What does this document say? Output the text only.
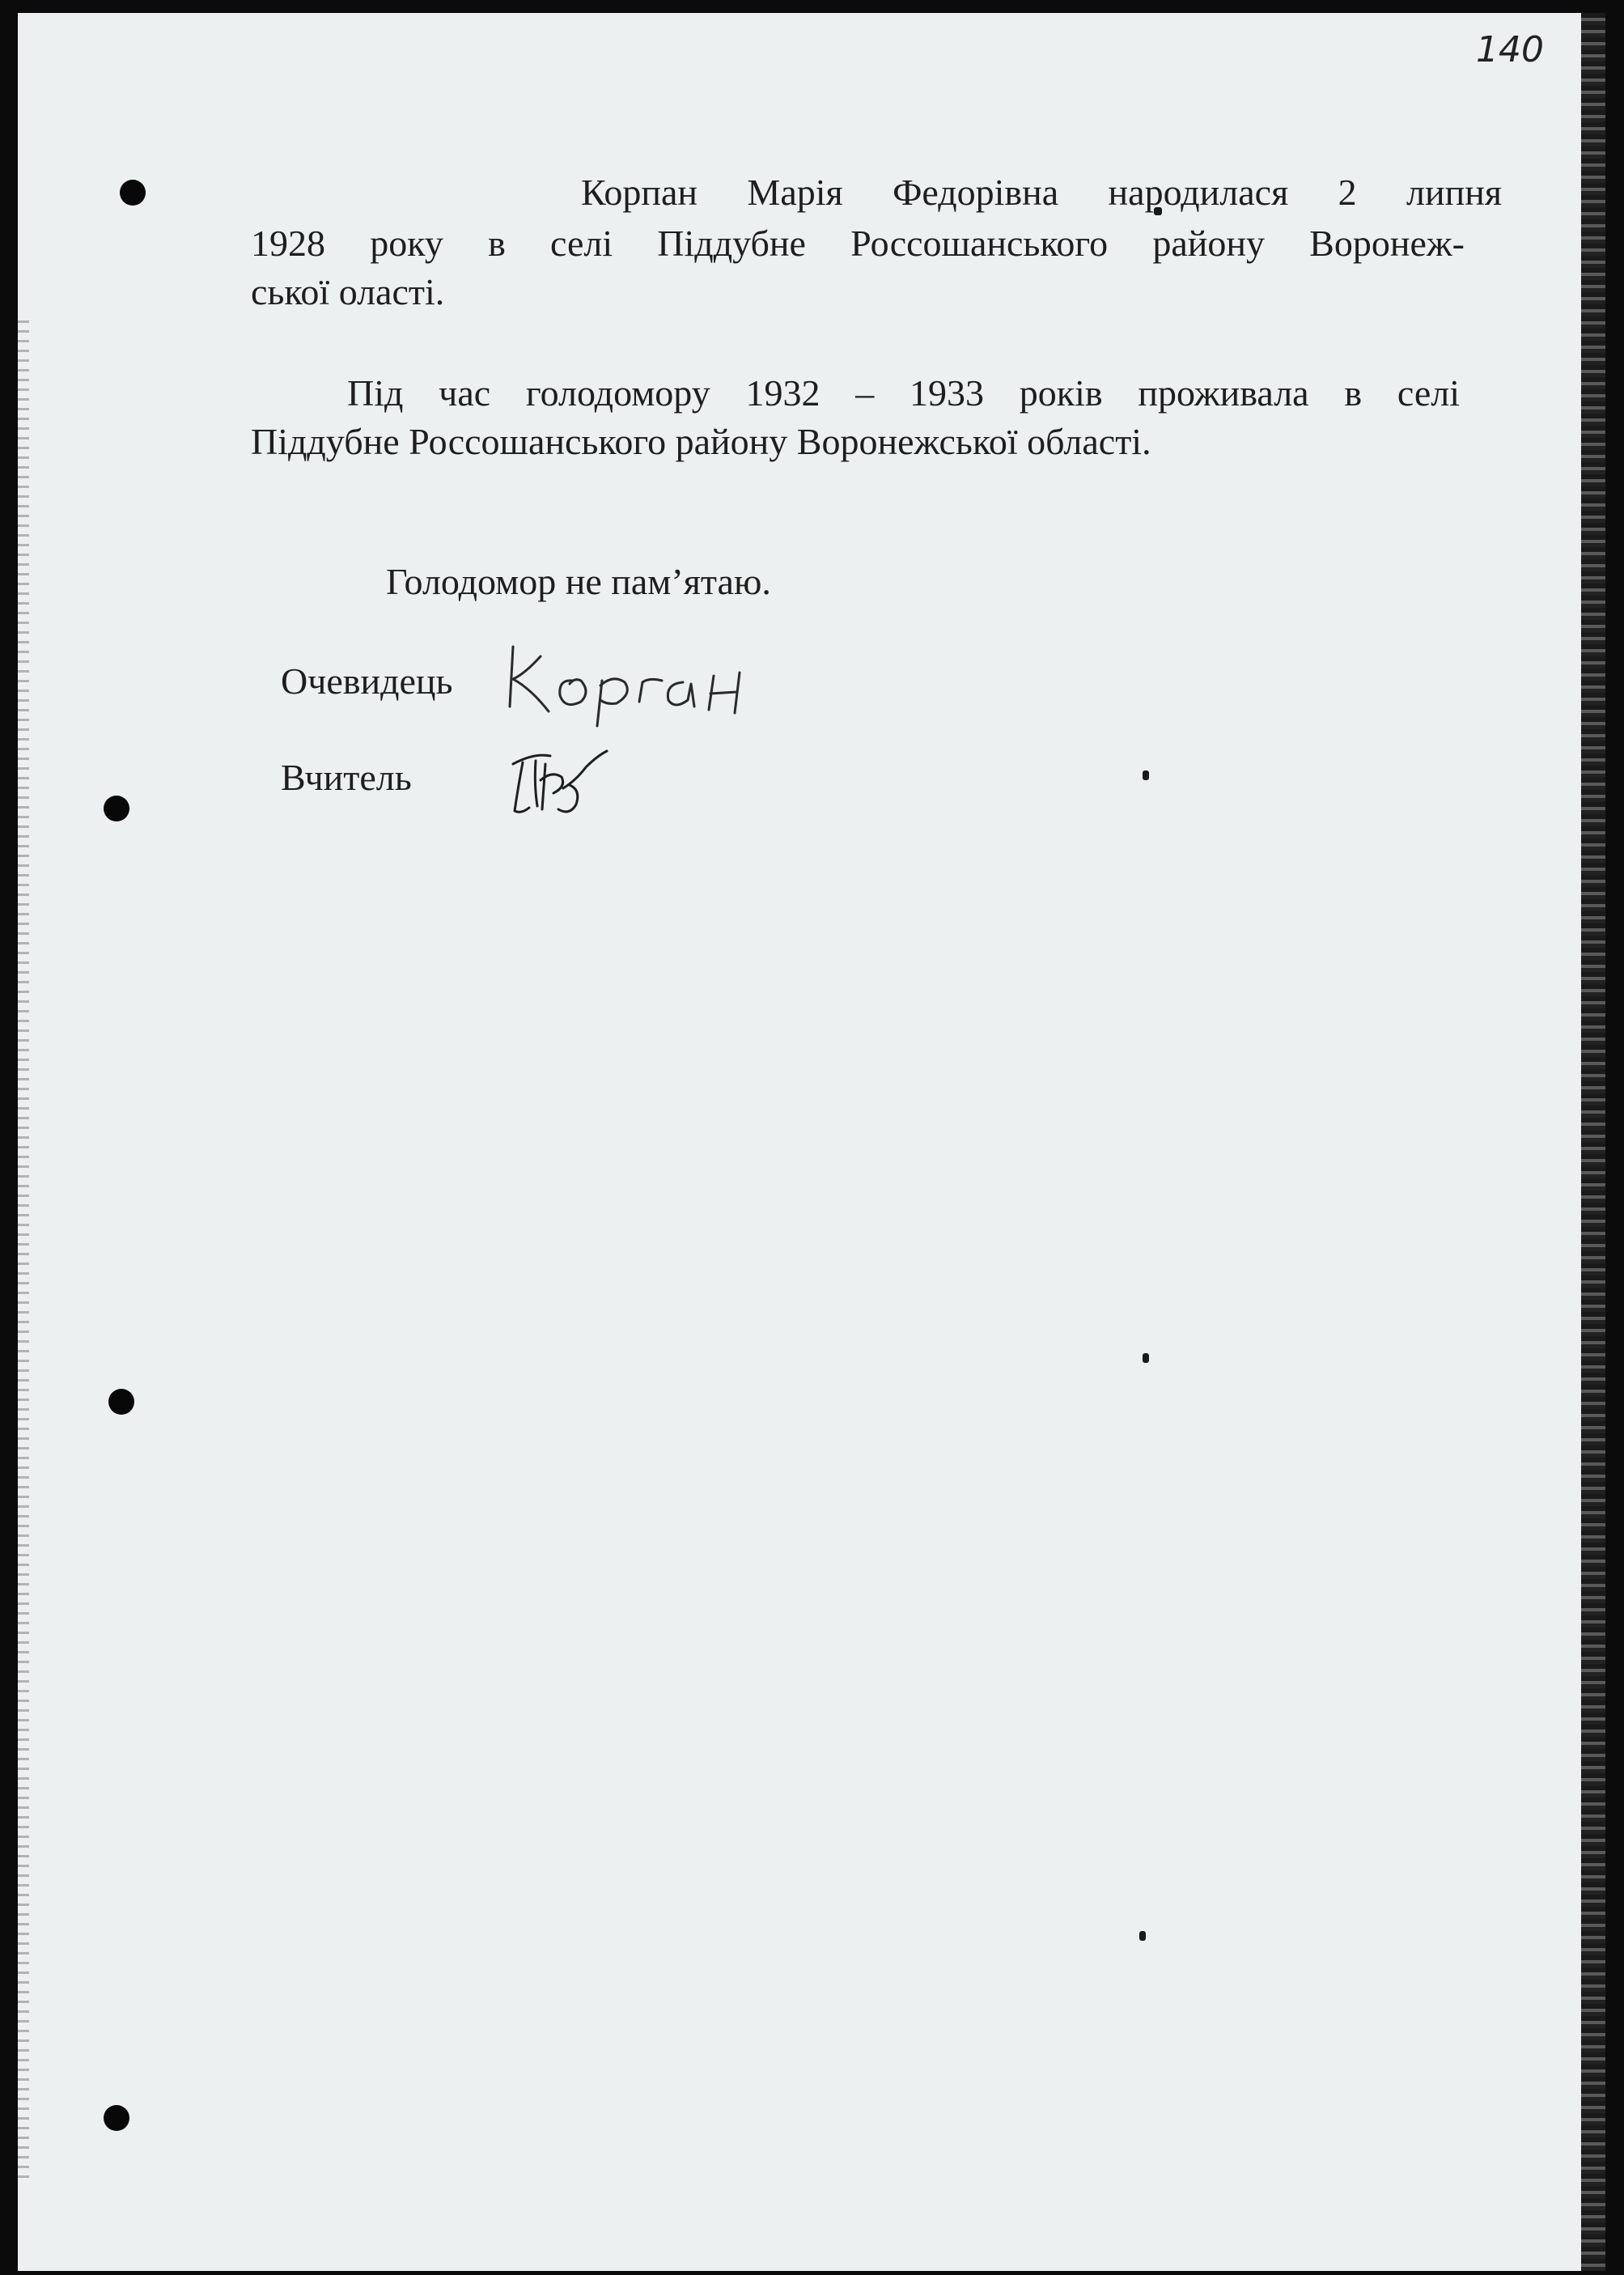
140

Корпан Марія Федорівна народилася 2 липня

1928 року в селі Піддубне Россошанського району Воронеж-

ської оласті.

Під час голодомору 1932 – 1933 років проживала в селі

Піддубне Россошанського району Воронежської області.

Голодомор не пам’ятаю.

Очевидець

Вчитель
